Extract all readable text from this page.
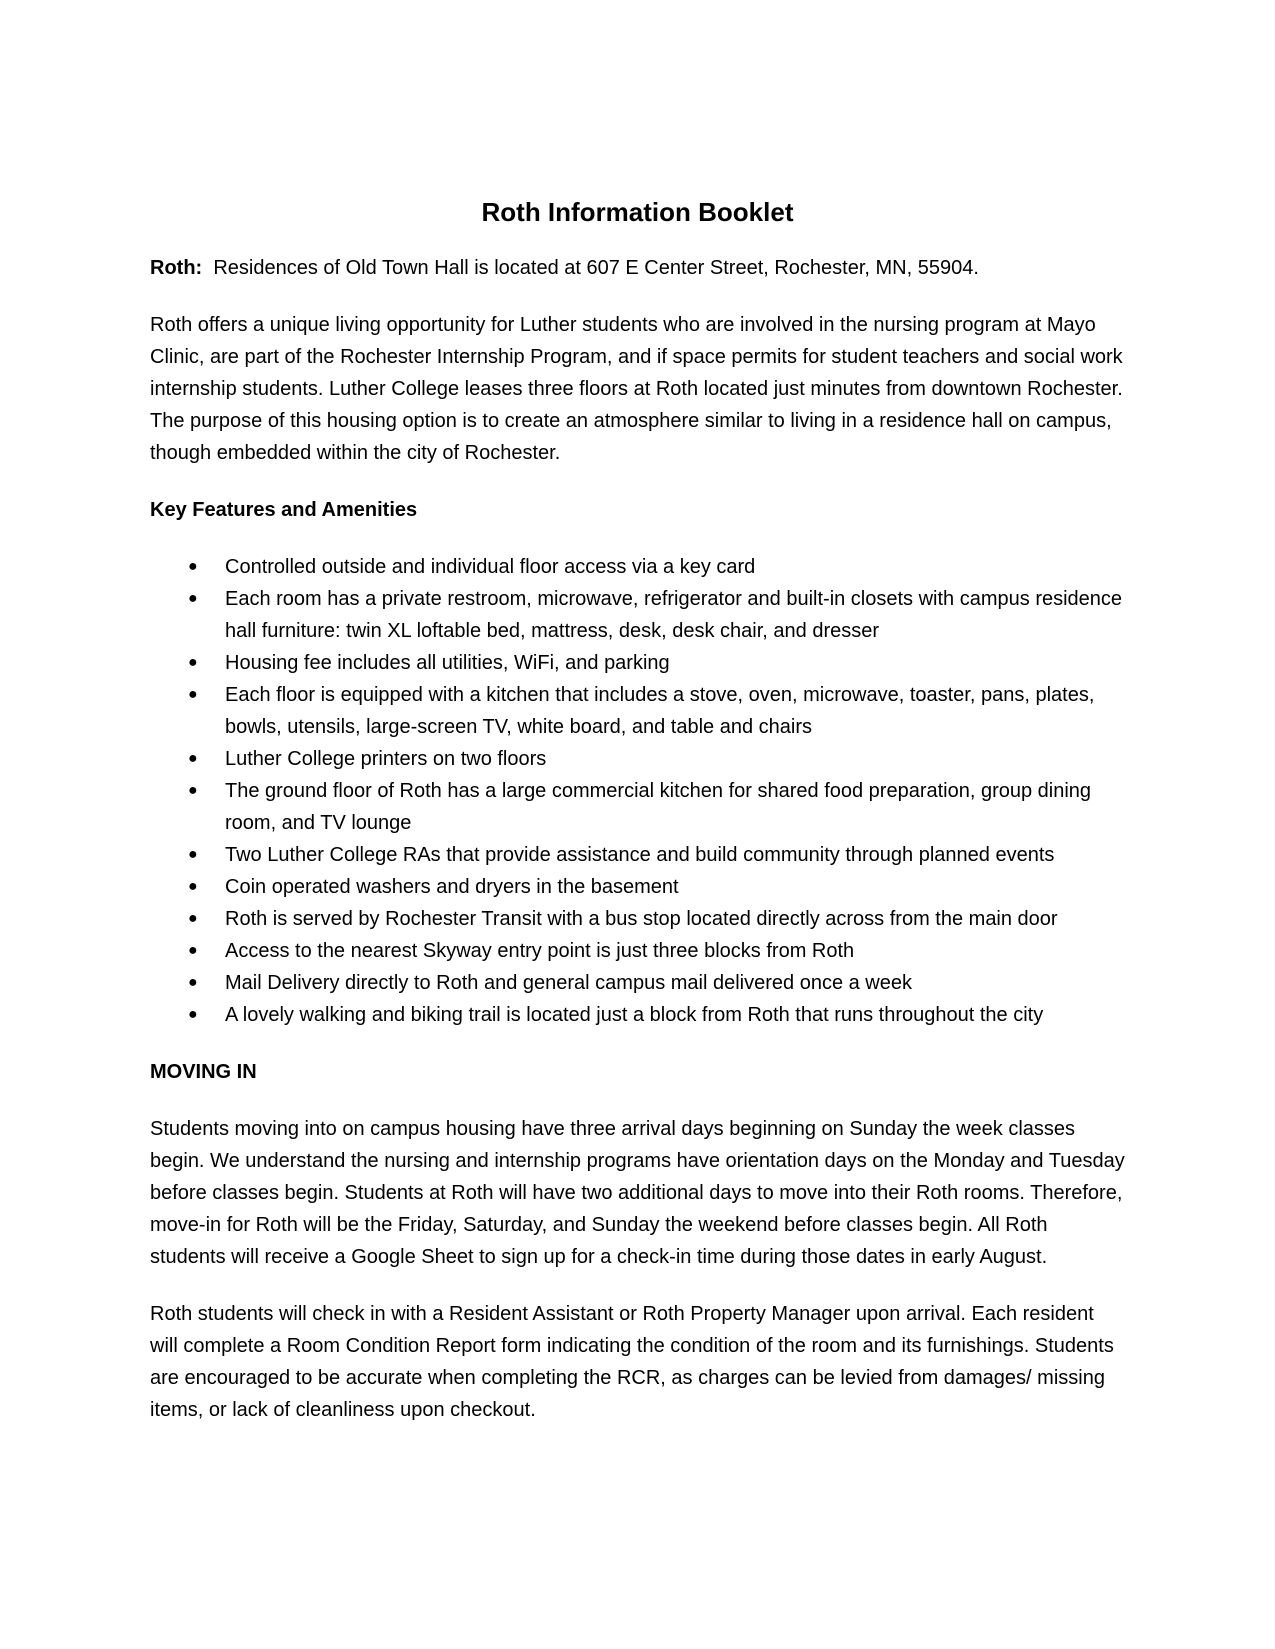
Roth Information Booklet

Roth: Residences of Old Town Hall is located at 607 E Center Street, Rochester, MN, 55904.

Roth offers a unique living opportunity for Luther students who are involved in the nursing program at Mayo Clinic, are part of the Rochester Internship Program, and if space permits for student teachers and social work internship students. Luther College leases three floors at Roth located just minutes from downtown Rochester. The purpose of this housing option is to create an atmosphere similar to living in a residence hall on campus, though embedded within the city of Rochester.

Key Features and Amenities
● Controlled outside and individual floor access via a key card
● Each room has a private restroom, microwave, refrigerator and built-in closets with campus residence hall furniture: twin XL loftable bed, mattress, desk, desk chair, and dresser
● Housing fee includes all utilities, WiFi, and parking
● Each floor is equipped with a kitchen that includes a stove, oven, microwave, toaster, pans, plates, bowls, utensils, large-screen TV, white board, and table and chairs
● Luther College printers on two floors
● The ground floor of Roth has a large commercial kitchen for shared food preparation, group dining room, and TV lounge
● Two Luther College RAs that provide assistance and build community through planned events
● Coin operated washers and dryers in the basement
● Roth is served by Rochester Transit with a bus stop located directly across from the main door
● Access to the nearest Skyway entry point is just three blocks from Roth
● Mail Delivery directly to Roth and general campus mail delivered once a week
● A lovely walking and biking trail is located just a block from Roth that runs throughout the city
MOVING IN

Students moving into on campus housing have three arrival days beginning on Sunday the week classes begin. We understand the nursing and internship programs have orientation days on the Monday and Tuesday before classes begin. Students at Roth will have two additional days to move into their Roth rooms. Therefore, move-in for Roth will be the Friday, Saturday, and Sunday the weekend before classes begin. All Roth students will receive a Google Sheet to sign up for a check-in time during those dates in early August.

Roth students will check in with a Resident Assistant or Roth Property Manager upon arrival. Each resident will complete a Room Condition Report form indicating the condition of the room and its furnishings. Students are encouraged to be accurate when completing the RCR, as charges can be levied from damages/ missing items, or lack of cleanliness upon checkout.
